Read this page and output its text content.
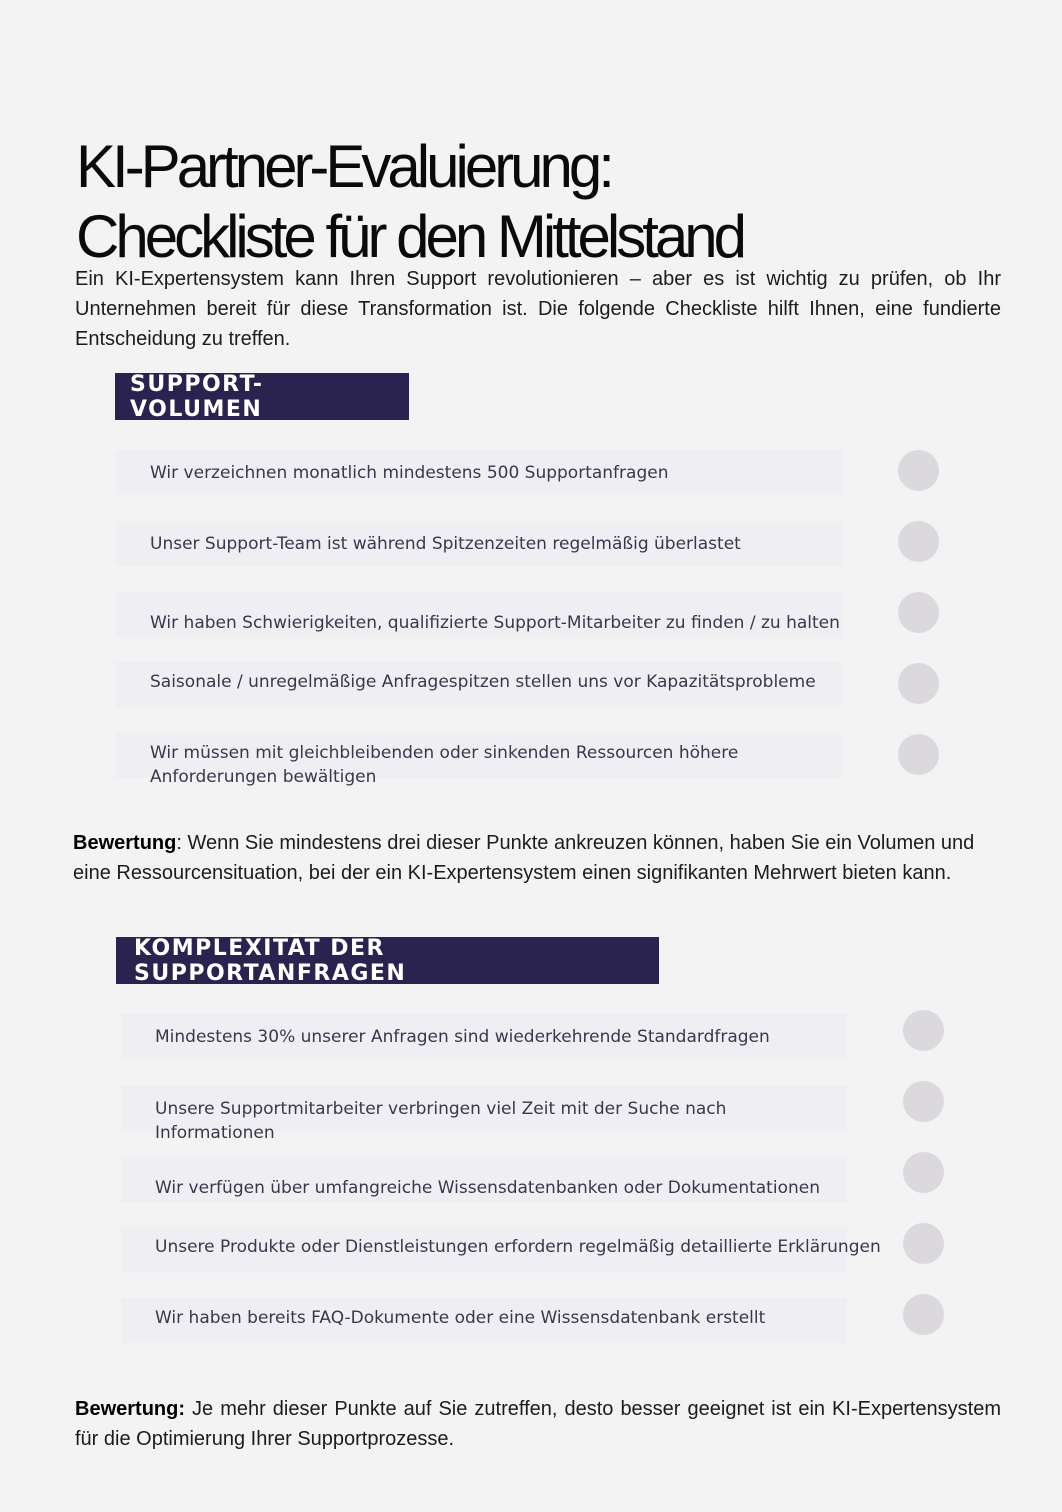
KI-Partner-Evaluierung:
Checkliste für den Mittelstand

Ein KI-Expertensystem kann Ihren Support revolutionieren – aber es ist wichtig zu prüfen, ob Ihr Unternehmen bereit für diese Transformation ist. Die folgende Checkliste hilft Ihnen, eine fundierte Entscheidung zu treffen.

SUPPORT-VOLUMEN
Wir verzeichnen monatlich mindestens 500 Supportanfragen
Unser Support-Team ist während Spitzenzeiten regelmäßig überlastet
Wir haben Schwierigkeiten, qualifizierte Support-Mitarbeiter zu finden / zu halten
Saisonale / unregelmäßige Anfragespitzen stellen uns vor Kapazitätsprobleme
Wir müssen mit gleichbleibenden oder sinkenden Ressourcen höhere Anforderungen bewältigen

Bewertung: Wenn Sie mindestens drei dieser Punkte ankreuzen können, haben Sie ein Volumen und eine Ressourcensituation, bei der ein KI-Expertensystem einen signifikanten Mehrwert bieten kann.

KOMPLEXITÄT DER SUPPORTANFRAGEN
Mindestens 30% unserer Anfragen sind wiederkehrende Standardfragen
Unsere Supportmitarbeiter verbringen viel Zeit mit der Suche nach Informationen
Wir verfügen über umfangreiche Wissensdatenbanken oder Dokumentationen
Unsere Produkte oder Dienstleistungen erfordern regelmäßig detaillierte Erklärungen
Wir haben bereits FAQ-Dokumente oder eine Wissensdatenbank erstellt

Bewertung: Je mehr dieser Punkte auf Sie zutreffen, desto besser geeignet ist ein KI-Expertensystem für die Optimierung Ihrer Supportprozesse.
